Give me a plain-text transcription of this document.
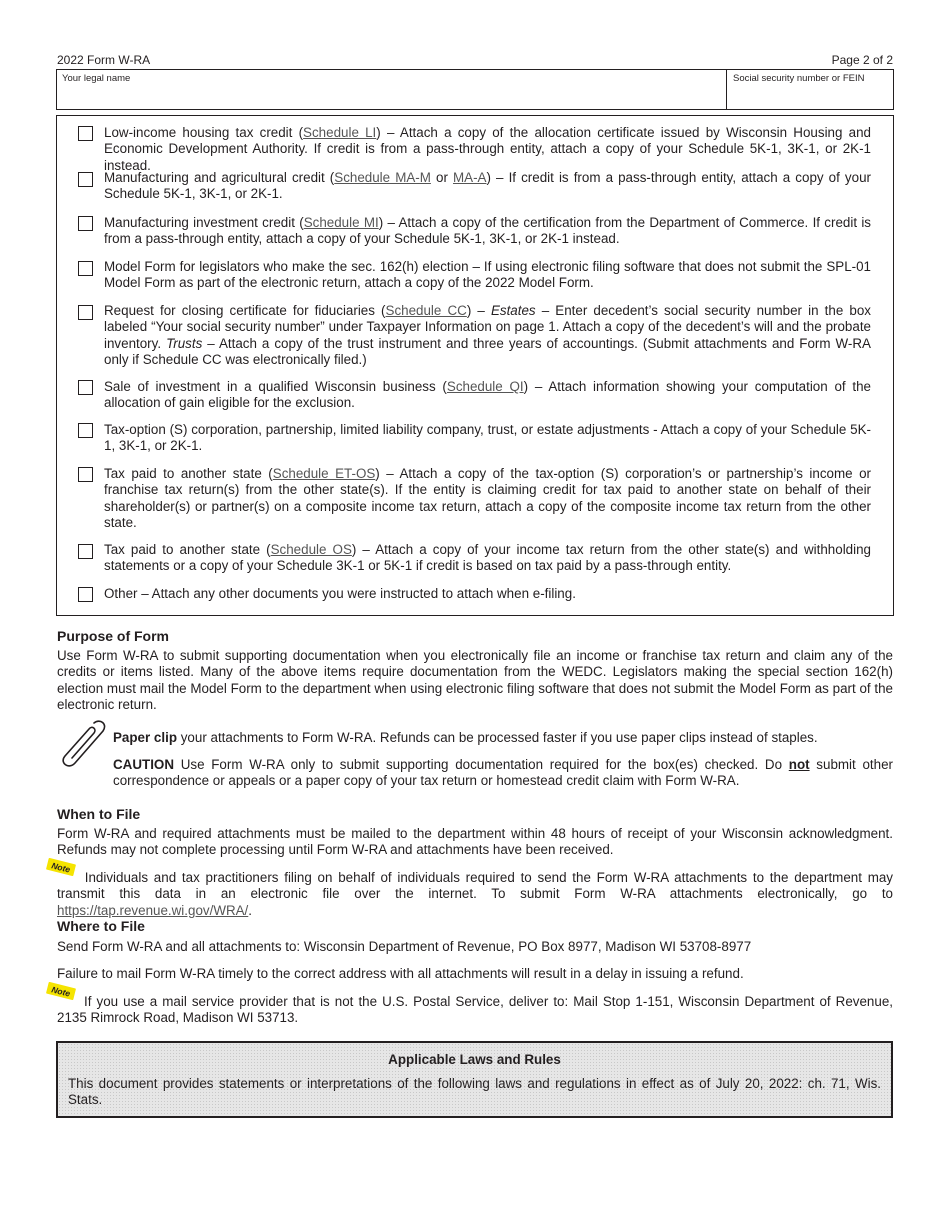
2022 Form W-RA	Page 2 of 2
Your legal name	Social security number or FEIN
Low-income housing tax credit (Schedule LI) – Attach a copy of the allocation certificate issued by Wisconsin Housing and Economic Development Authority. If credit is from a pass-through entity, attach a copy of your Schedule 5K-1, 3K-1, or 2K-1 instead.
Manufacturing and agricultural credit (Schedule MA-M or MA-A) – If credit is from a pass-through entity, attach a copy of your Schedule 5K-1, 3K-1, or 2K-1.
Manufacturing investment credit (Schedule MI) – Attach a copy of the certification from the Department of Commerce. If credit is from a pass-through entity, attach a copy of your Schedule 5K-1, 3K-1, or 2K-1 instead.
Model Form for legislators who make the sec. 162(h) election – If using electronic filing software that does not submit the SPL-01 Model Form as part of the electronic return, attach a copy of the 2022 Model Form.
Request for closing certificate for fiduciaries (Schedule CC) – Estates – Enter decedent’s social security number in the box labeled “Your social security number” under Taxpayer Information on page 1. Attach a copy of the decedent’s will and the probate inventory. Trusts – Attach a copy of the trust instrument and three years of accountings. (Submit attachments and Form W-RA only if Schedule CC was electronically filed.)
Sale of investment in a qualified Wisconsin business (Schedule QI) – Attach information showing your computation of the allocation of gain eligible for the exclusion.
Tax-option (S) corporation, partnership, limited liability company, trust, or estate adjustments - Attach a copy of your Schedule 5K-1, 3K-1, or 2K-1.
Tax paid to another state (Schedule ET-OS) – Attach a copy of the tax-option (S) corporation’s or partnership’s income or franchise tax return(s) from the other state(s). If the entity is claiming credit for tax paid to another state on behalf of their shareholder(s) or partner(s) on a composite income tax return, attach a copy of the composite income tax return from the other state.
Tax paid to another state (Schedule OS) – Attach a copy of your income tax return from the other state(s) and withholding statements or a copy of your Schedule 3K-1 or 5K-1 if credit is based on tax paid by a pass-through entity.
Other – Attach any other documents you were instructed to attach when e-filing.
Purpose of Form
Use Form W-RA to submit supporting documentation when you electronically file an income or franchise tax return and claim any of the credits or items listed. Many of the above items require documentation from the WEDC. Legislators making the special section 162(h) election must mail the Model Form to the department when using electronic filing software that does not submit the Model Form as part of the electronic return.
Paper clip your attachments to Form W-RA. Refunds can be processed faster if you use paper clips instead of staples.
CAUTION Use Form W-RA only to submit supporting documentation required for the box(es) checked. Do not submit other correspondence or appeals or a paper copy of your tax return or homestead credit claim with Form W-RA.
When to File
Form W-RA and required attachments must be mailed to the department within 48 hours of receipt of your Wisconsin acknowledgment. Refunds may not complete processing until Form W-RA and attachments have been received.
Note
Individuals and tax practitioners filing on behalf of individuals required to send the Form W-RA attachments to the department may transmit this data in an electronic file over the internet. To submit Form W-RA attachments electronically, go to https://tap.revenue.wi.gov/WRA/.
Where to File
Send Form W-RA and all attachments to: Wisconsin Department of Revenue, PO Box 8977, Madison WI 53708-8977
Failure to mail Form W-RA timely to the correct address with all attachments will result in a delay in issuing a refund.
Note
If you use a mail service provider that is not the U.S. Postal Service, deliver to: Mail Stop 1-151, Wisconsin Department of Revenue, 2135 Rimrock Road, Madison WI 53713.
Applicable Laws and Rules
This document provides statements or interpretations of the following laws and regulations in effect as of July 20, 2022: ch. 71, Wis. Stats.
